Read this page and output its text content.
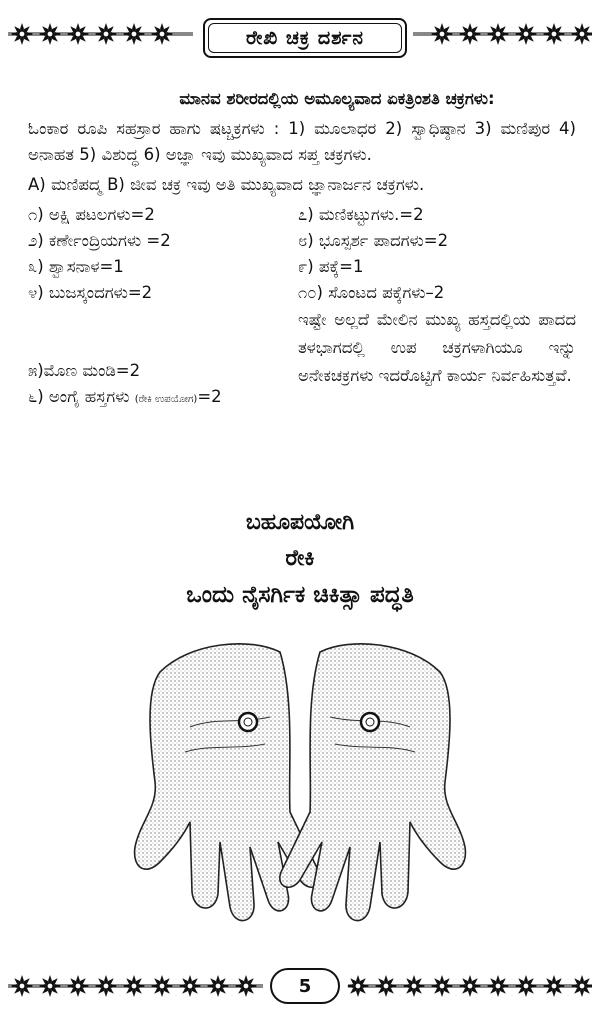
ರೇಖಿ ಚಕ್ರ ದರ್ಶನ
ಮಾನವ ಶರೀರದಲ್ಲಿಯ ಅಮೂಲ್ಯವಾದ ಏಕತ್ರಿಂಶತಿ ಚಕ್ರಗಳು:
ಓಂಕಾರ ರೂಪಿ ಸಹಸ್ರಾರ ಹಾಗು ಷಟ್ಚಕ್ರಗಳು : 1) ಮೂಲಾಧರ 2) ಸ್ವಾಧಿಷ್ಠಾನ 3) ಮಣಿಪುರ 4) ಅನಾಹತ 5) ವಿಶುದ್ಧ 6) ಅಜ್ಞಾ ಇವು ಮುಖ್ಯವಾದ ಸಪ್ತ ಚಕ್ರಗಳು.
A) ಮಣಿಪದ್ಮ B) ಜೀವ ಚಕ್ರ ಇವು ಅತಿ ಮುಖ್ಯವಾದ ಜ್ಞಾನಾರ್ಜನ ಚಕ್ರಗಳು.
೧) ಅಕ್ಷಿ ಪಟಲಗಳು=2
೨) ಕರ್ಣೇಂದ್ರಿಯಗಳು =2
೩) ಶ್ವಾಸನಾಳ=1
೪) ಬುಜಸ್ಕಂದಗಳು=2
೫)ಮೊಣ ಮಂಡಿ=2
೬) ಅಂಗೈ ಹಸ್ತಗಳು (ರೇಕಿ ಉಪಯೋಗ)=2
೭) ಮಣಿಕಟ್ಟುಗಳು.=2
೮) ಭೂಸ್ಪರ್ಶ ಪಾದಗಳು=2
೯) ಪಕ್ಕೆ=1
೧೦) ಸೊಂಟದ ಪಕ್ಕೆಗಳು–2
ಇಷ್ಟೇ ಅಲ್ಲದೆ ಮೇಲಿನ ಮುಖ್ಯ ಹಸ್ತದಲ್ಲಿಯ ಪಾದದ ತಳಭಾಗದಲ್ಲಿ ಉಪ ಚಕ್ರಗಳಾಗಿಯೂ ಇನ್ನು ಅನೇಕಚಕ್ರಗಳು ಇದರೊಟ್ಟಿಗೆ ಕಾರ್ಯ ನಿರ್ವಹಿಸುತ್ತವೆ.
ಬಹೂಪಯೋಗಿ
ರೇಕಿ
ಒಂದು ನೈಸರ್ಗಿಕ ಚಿಕಿತ್ಸಾ ಪದ್ಧತಿ
5
